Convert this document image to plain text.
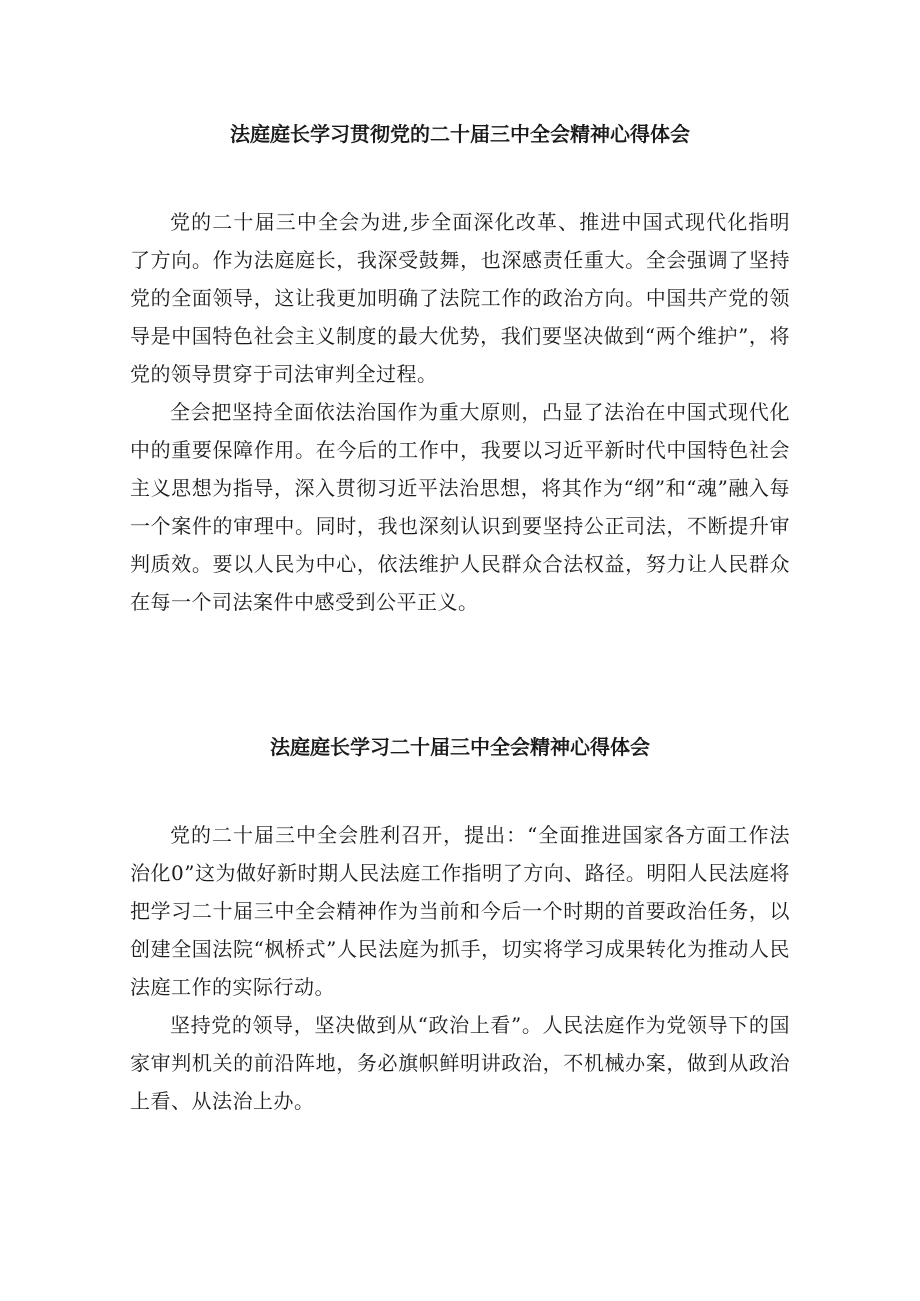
法庭庭长学习贯彻党的二十届三中全会精神心得体会

党的二十届三中全会为进,步全面深化改革、推进中国式现代化指明了方向。作为法庭庭长，我深受鼓舞，也深感责任重大。全会强调了坚持党的全面领导，这让我更加明确了法院工作的政治方向。中国共产党的领导是中国特色社会主义制度的最大优势，我们要坚决做到“两个维护”，将党的领导贯穿于司法审判全过程。

全会把坚持全面依法治国作为重大原则，凸显了法治在中国式现代化中的重要保障作用。在今后的工作中，我要以习近平新时代中国特色社会主义思想为指导，深入贯彻习近平法治思想，将其作为“纲”和“魂”融入每一个案件的审理中。同时，我也深刻认识到要坚持公正司法，不断提升审判质效。要以人民为中心，依法维护人民群众合法权益，努力让人民群众在每一个司法案件中感受到公平正义。

法庭庭长学习二十届三中全会精神心得体会

党的二十届三中全会胜利召开，提出：“全面推进国家各方面工作法治化0”这为做好新时期人民法庭工作指明了方向、路径。明阳人民法庭将把学习二十届三中全会精神作为当前和今后一个时期的首要政治任务，以创建全国法院“枫桥式”人民法庭为抓手，切实将学习成果转化为推动人民法庭工作的实际行动。

坚持党的领导，坚决做到从“政治上看”。人民法庭作为党领导下的国家审判机关的前沿阵地，务必旗帜鲜明讲政治，不机械办案，做到从政治上看、从法治上办。
